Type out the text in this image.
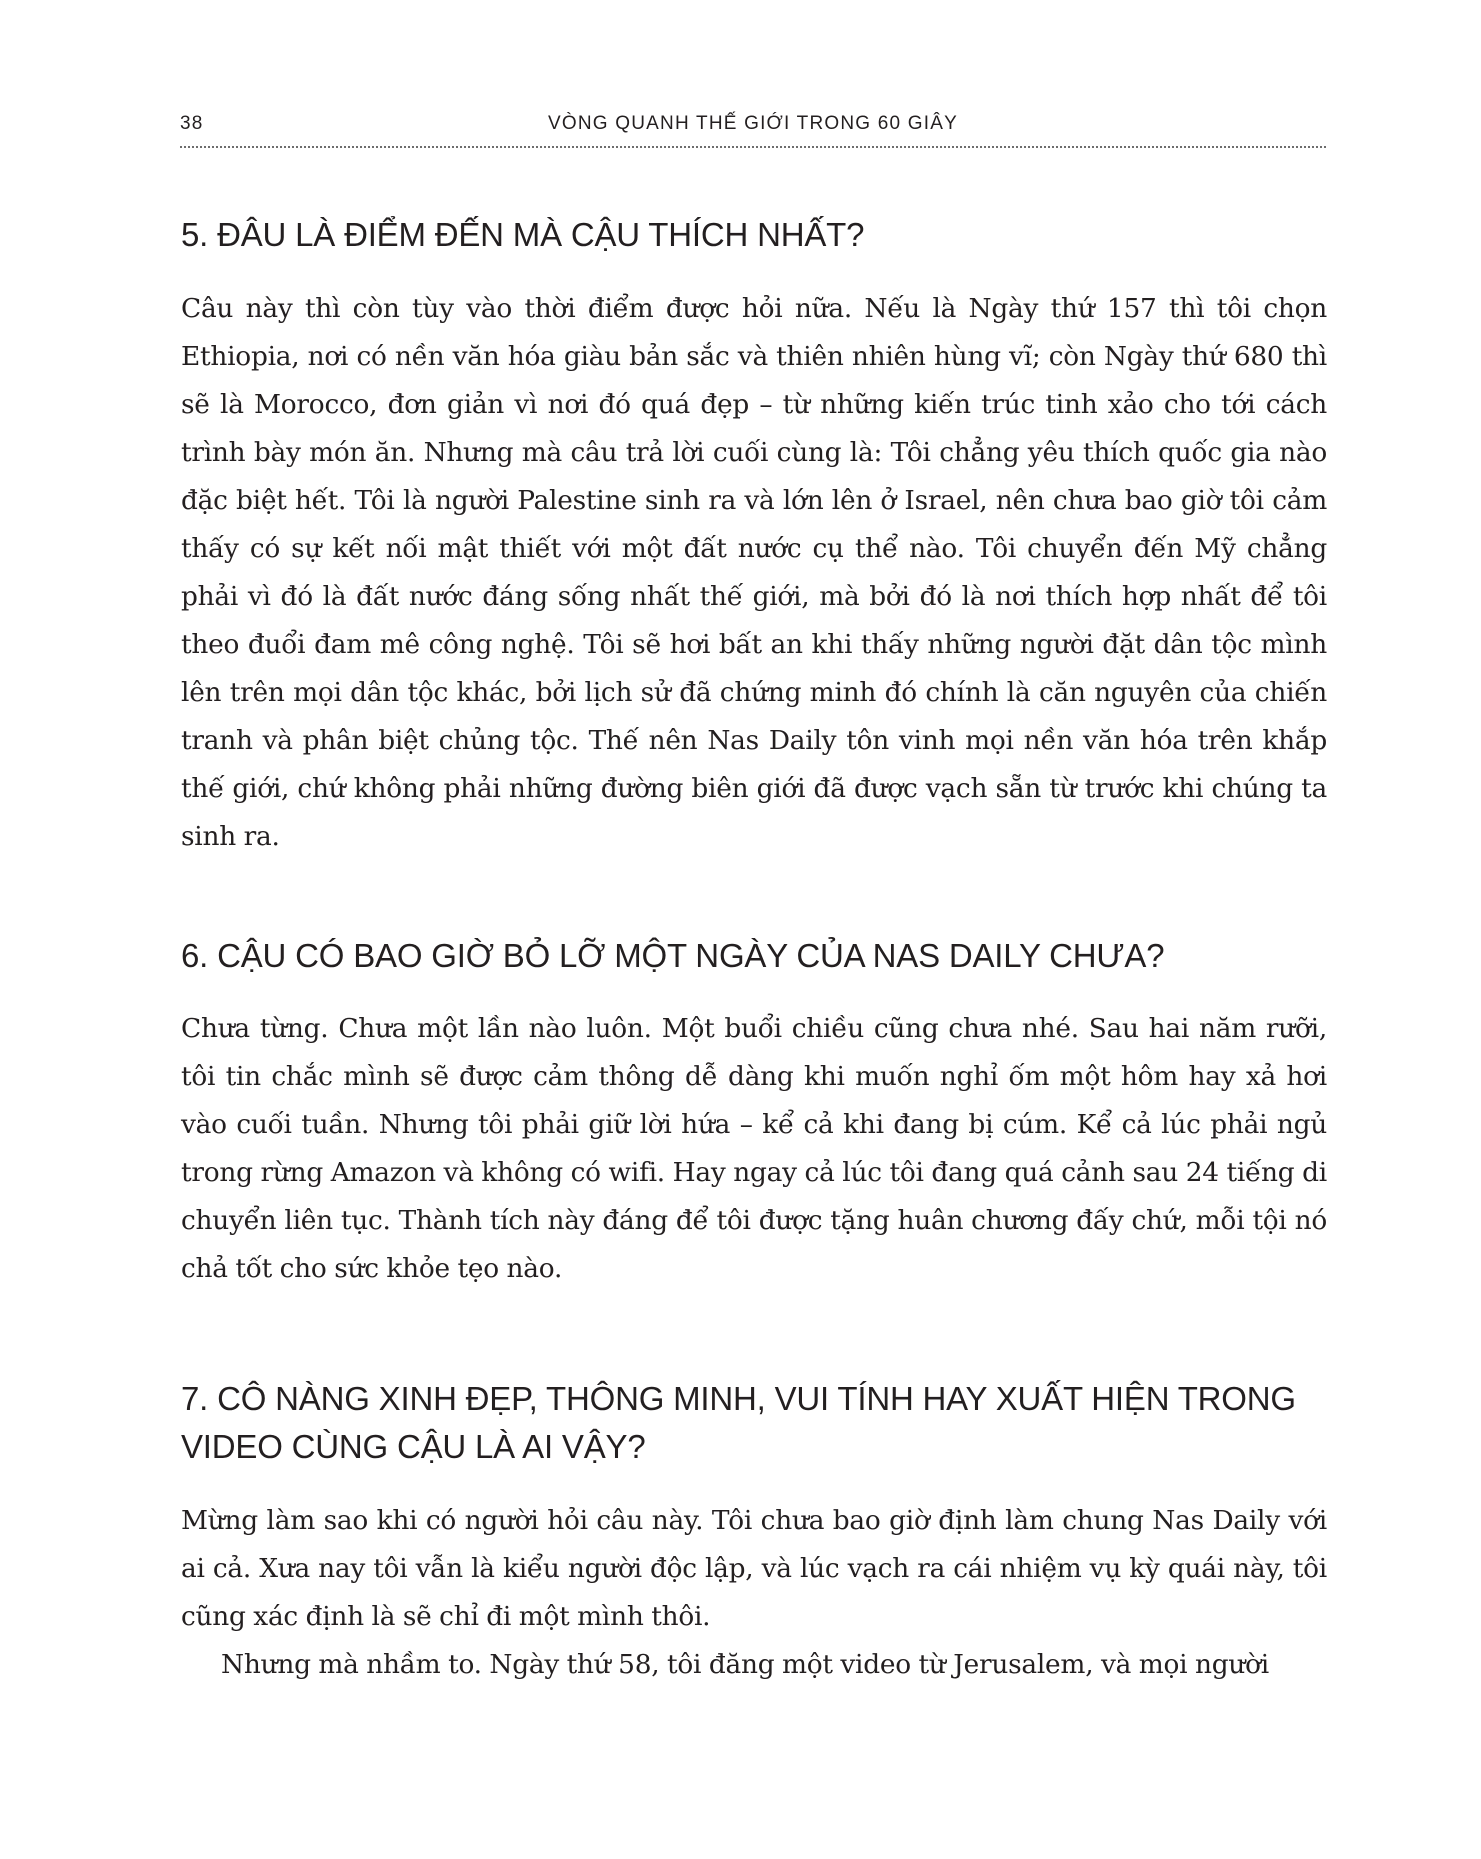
38	VÒNG QUANH THẾ GIỚI TRONG 60 GIÂY
5. ĐÂU LÀ ĐIỂM ĐẾN MÀ CẬU THÍCH NHẤT?

Câu này thì còn tùy vào thời điểm được hỏi nữa. Nếu là Ngày thứ 157 thì tôi chọn Ethiopia, nơi có nền văn hóa giàu bản sắc và thiên nhiên hùng vĩ; còn Ngày thứ 680 thì sẽ là Morocco, đơn giản vì nơi đó quá đẹp – từ những kiến trúc tinh xảo cho tới cách trình bày món ăn. Nhưng mà câu trả lời cuối cùng là: Tôi chẳng yêu thích quốc gia nào đặc biệt hết. Tôi là người Palestine sinh ra và lớn lên ở Israel, nên chưa bao giờ tôi cảm thấy có sự kết nối mật thiết với một đất nước cụ thể nào. Tôi chuyển đến Mỹ chẳng phải vì đó là đất nước đáng sống nhất thế giới, mà bởi đó là nơi thích hợp nhất để tôi theo đuổi đam mê công nghệ. Tôi sẽ hơi bất an khi thấy những người đặt dân tộc mình lên trên mọi dân tộc khác, bởi lịch sử đã chứng minh đó chính là căn nguyên của chiến tranh và phân biệt chủng tộc. Thế nên Nas Daily tôn vinh mọi nền văn hóa trên khắp thế giới, chứ không phải những đường biên giới đã được vạch sẵn từ trước khi chúng ta sinh ra.

6. CẬU CÓ BAO GIỜ BỎ LỠ MỘT NGÀY CỦA NAS DAILY CHƯA?

Chưa từng. Chưa một lần nào luôn. Một buổi chiều cũng chưa nhé. Sau hai năm rưỡi, tôi tin chắc mình sẽ được cảm thông dễ dàng khi muốn nghỉ ốm một hôm hay xả hơi vào cuối tuần. Nhưng tôi phải giữ lời hứa – kể cả khi đang bị cúm. Kể cả lúc phải ngủ trong rừng Amazon và không có wifi. Hay ngay cả lúc tôi đang quá cảnh sau 24 tiếng di chuyển liên tục. Thành tích này đáng để tôi được tặng huân chương đấy chứ, mỗi tội nó chả tốt cho sức khỏe tẹo nào.

7. CÔ NÀNG XINH ĐẸP, THÔNG MINH, VUI TÍNH HAY XUẤT HIỆN TRONG VIDEO CÙNG CẬU LÀ AI VẬY?

Mừng làm sao khi có người hỏi câu này. Tôi chưa bao giờ định làm chung Nas Daily với ai cả. Xưa nay tôi vẫn là kiểu người độc lập, và lúc vạch ra cái nhiệm vụ kỳ quái này, tôi cũng xác định là sẽ chỉ đi một mình thôi.

Nhưng mà nhầm to. Ngày thứ 58, tôi đăng một video từ Jerusalem, và mọi người
